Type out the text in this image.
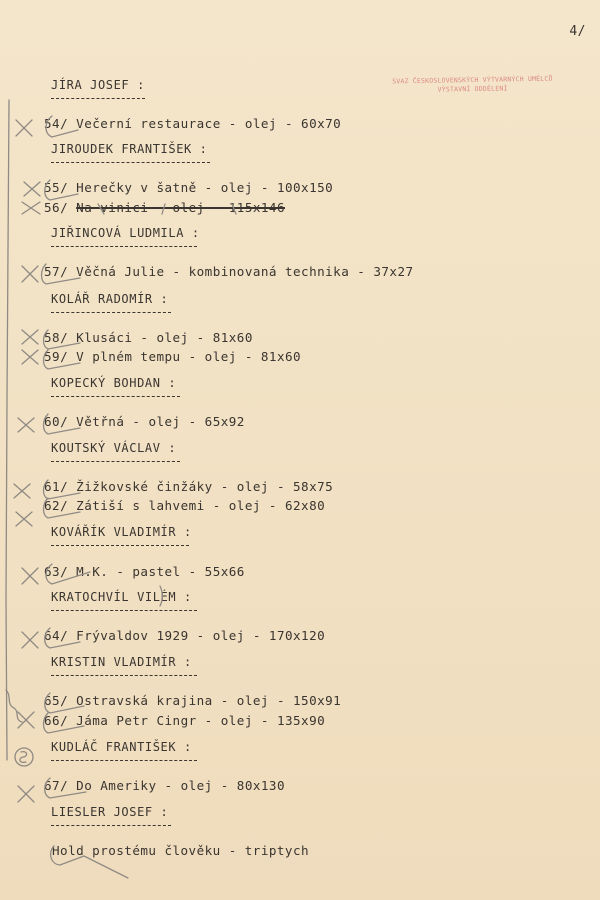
4/
SVAZ ČESKOSLOVENSKÝCH VÝTVARNÝCH UMĚLCŮ
VÝSTAVNÍ ODDĚLENÍ
JÍRA JOSEF :
54/ Večerní restaurace - olej - 60x70
JIROUDEK FRANTIŠEK :
55/ Herečky v šatně - olej - 100x150
56/ Na vinici - olej - 115x146
JIŘINCOVÁ LUDMILA :
57/ Věčná Julie - kombinovaná technika - 37x27
KOLÁŘ RADOMÍR :
58/ Klusáci - olej - 81x60
59/ V plném tempu - olej - 81x60
KOPECKÝ BOHDAN :
60/ Větřná - olej - 65x92
KOUTSKÝ VÁCLAV :
61/ Žižkovské činžáky - olej - 58x75
62/ Zátiší s lahvemi - olej - 62x80
KOVÁŘÍK VLADIMÍR :
63/ M.K. - pastel - 55x66
KRATOCHVÍL VILÉM :
64/ Frývaldov 1929 - olej - 170x120
KRISTIN VLADIMÍR :
65/ Ostravská krajina - olej - 150x91
66/ Jáma Petr Cingr - olej - 135x90
KUDLÁČ FRANTIŠEK :
67/ Do Ameriky - olej - 80x130
LIESLER JOSEF :
Hold prostému člověku - triptych
